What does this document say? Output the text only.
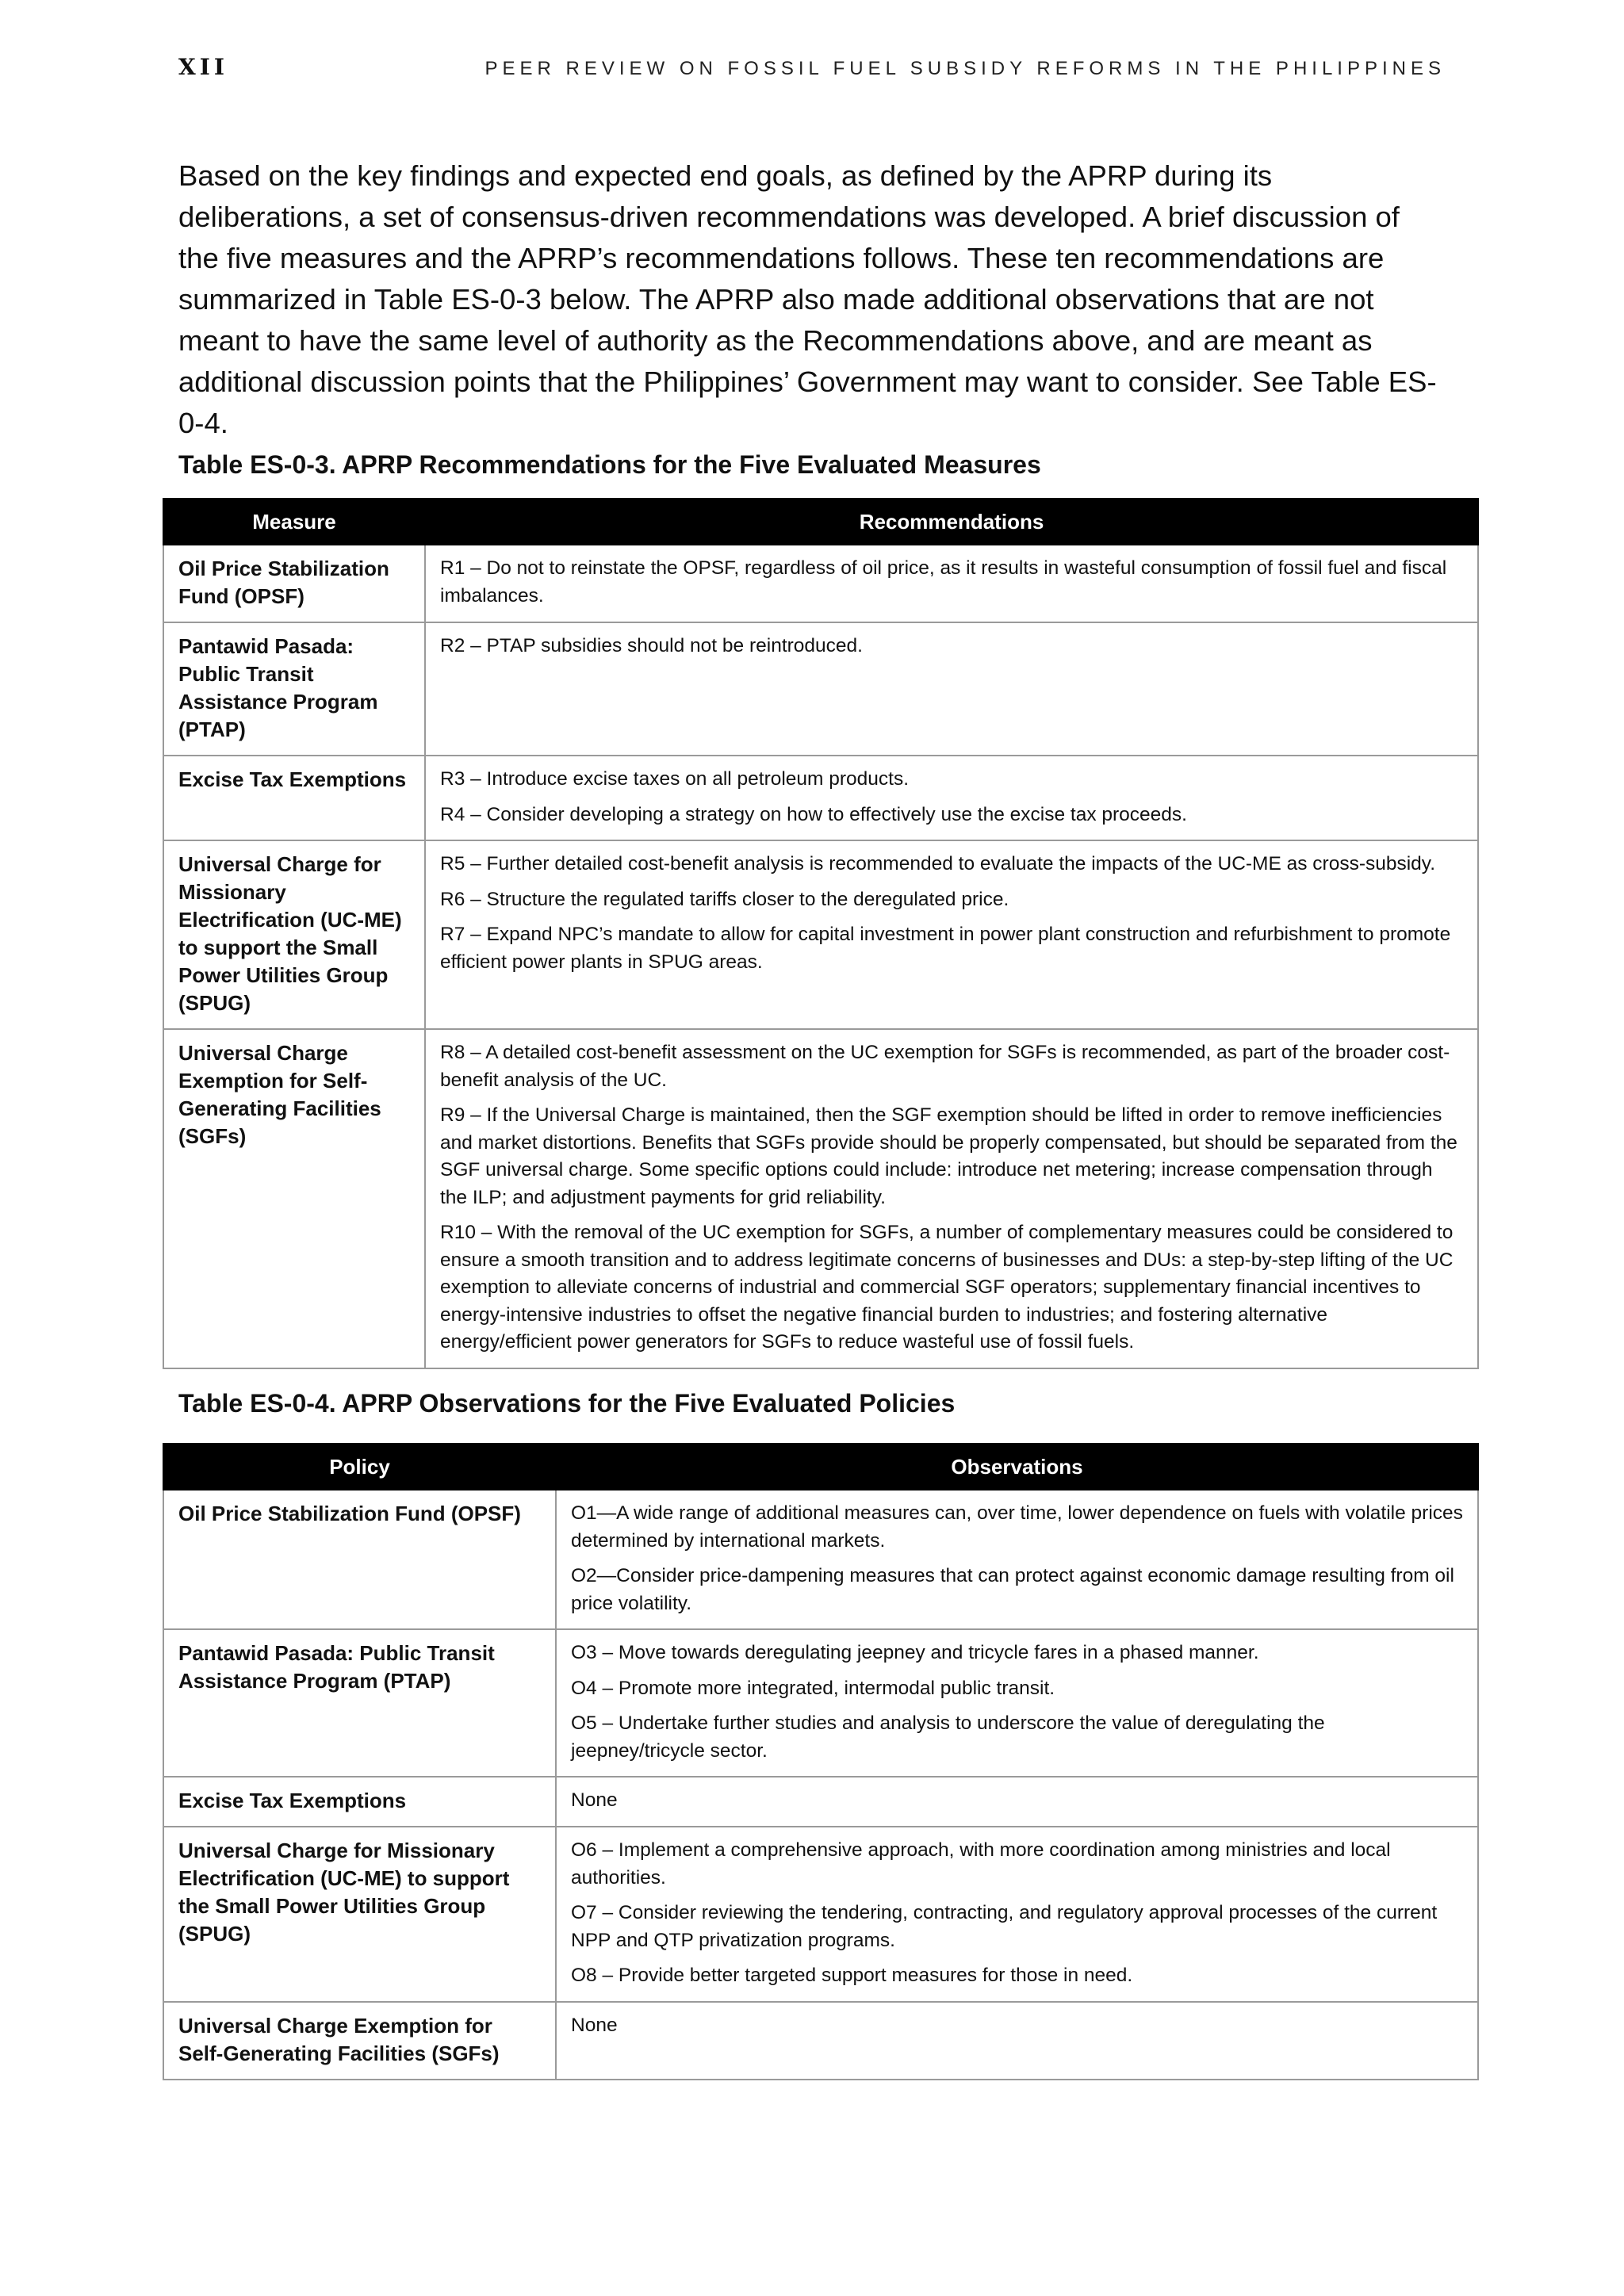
XII	PEER REVIEW ON FOSSIL FUEL SUBSIDY REFORMS IN THE PHILIPPINES

Based on the key findings and expected end goals, as defined by the APRP during its deliberations, a set of consensus-driven recommendations was developed. A brief discussion of the five measures and the APRP’s recommendations follows. These ten recommendations are summarized in Table ES-0-3 below. The APRP also made additional observations that are not meant to have the same level of authority as the Recommendations above, and are meant as additional discussion points that the Philippines’ Government may want to consider. See Table ES-0-4.

Table ES-0-3. APRP Recommendations for the Five Evaluated Measures

Measure	Recommendations
Oil Price Stabilization Fund (OPSF)	R1 – Do not to reinstate the OPSF, regardless of oil price, as it results in wasteful consumption of fossil fuel and fiscal imbalances.

Pantawid Pasada: Public Transit Assistance Program (PTAP)	R2 – PTAP subsidies should not be reintroduced.

Excise Tax Exemptions	R3 – Introduce excise taxes on all petroleum products.

R4 – Consider developing a strategy on how to effectively use the excise tax proceeds.

Universal Charge for Missionary Electrification (UC-ME) to support the Small Power Utilities Group (SPUG)	R5 – Further detailed cost-benefit analysis is recommended to evaluate the impacts of the UC-ME as cross-subsidy.

R6 – Structure the regulated tariffs closer to the deregulated price.

R7 – Expand NPC’s mandate to allow for capital investment in power plant construction and refurbishment to promote efficient power plants in SPUG areas.

Universal Charge Exemption for Self-Generating Facilities (SGFs)	R8 – A detailed cost-benefit assessment on the UC exemption for SGFs is recommended, as part of the broader cost-benefit analysis of the UC.

R9 – If the Universal Charge is maintained, then the SGF exemption should be lifted in order to remove inefficiencies and market distortions. Benefits that SGFs provide should be properly compensated, but should be separated from the SGF universal charge. Some specific options could include: introduce net metering; increase compensation through the ILP; and adjustment payments for grid reliability.

R10 – With the removal of the UC exemption for SGFs, a number of complementary measures could be considered to ensure a smooth transition and to address legitimate concerns of businesses and DUs: a step-by-step lifting of the UC exemption to alleviate concerns of industrial and commercial SGF operators; supplementary financial incentives to energy-intensive industries to offset the negative financial burden to industries; and fostering alternative energy/efficient power generators for SGFs to reduce wasteful use of fossil fuels.

Table ES-0-4. APRP Observations for the Five Evaluated Policies

Policy	Observations
Oil Price Stabilization Fund (OPSF)	O1—A wide range of additional measures can, over time, lower dependence on fuels with volatile prices determined by international markets.

O2—Consider price-dampening measures that can protect against economic damage resulting from oil price volatility.

Pantawid Pasada: Public Transit Assistance Program (PTAP)	O3 – Move towards deregulating jeepney and tricycle fares in a phased manner.

O4 – Promote more integrated, intermodal public transit.

O5 – Undertake further studies and analysis to underscore the value of deregulating the jeepney/tricycle sector.

Excise Tax Exemptions	None

Universal Charge for Missionary Electrification (UC-ME) to support the Small Power Utilities Group (SPUG)	O6 – Implement a comprehensive approach, with more coordination among ministries and local authorities.

O7 – Consider reviewing the tendering, contracting, and regulatory approval processes of the current NPP and QTP privatization programs.

O8 – Provide better targeted support measures for those in need.

Universal Charge Exemption for Self-Generating Facilities (SGFs)	None
